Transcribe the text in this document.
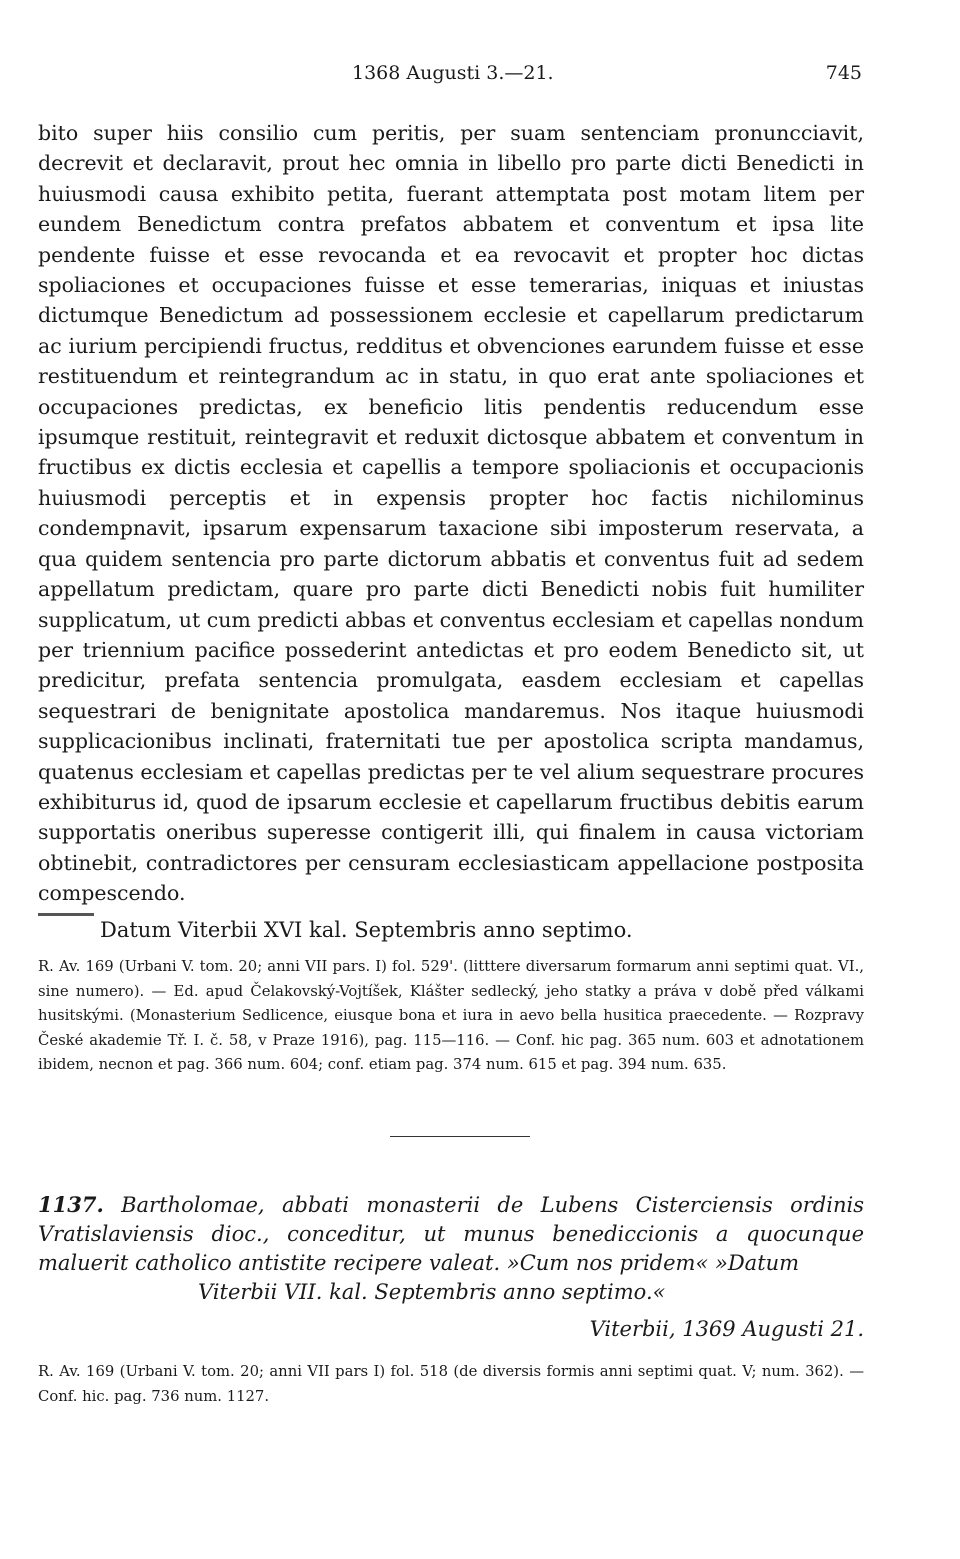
1368 Augusti 3.—21.	745

bito super hiis consilio cum peritis, per suam sentenciam pronuncciavit, decrevit et declaravit, prout hec omnia in libello pro parte dicti Benedicti in huiusmodi causa exhibito petita, fuerant attemptata post motam litem per eundem Benedictum contra prefatos abbatem et conventum et ipsa lite pendente fuisse et esse revocanda et ea revocavit et propter hoc dictas spoliaciones et occupaciones fuisse et esse temerarias, iniquas et iniustas dictumque Benedictum ad possessionem ecclesie et capellarum predictarum ac iurium percipiendi fructus, redditus et obvenciones earundem fuisse et esse restituendum et reintegrandum ac in statu, in quo erat ante spoliaciones et occupaciones predictas, ex beneficio litis pendentis reducendum esse ipsumque restituit, reintegravit et reduxit dictosque abbatem et conventum in fructibus ex dictis ecclesia et capellis a tempore spoliacionis et occupacionis huiusmodi perceptis et in expensis propter hoc factis nichilominus condempnavit, ipsarum expensarum taxacione sibi imposterum reservata, a qua quidem sentencia pro parte dictorum abbatis et conventus fuit ad sedem appellatum predictam, quare pro parte dicti Benedicti nobis fuit humiliter supplicatum, ut cum predicti abbas et conventus ecclesiam et capellas nondum per triennium pacifice possederint antedictas et pro eodem Benedicto sit, ut predicitur, prefata sentencia promulgata, easdem ecclesiam et capellas sequestrari de benignitate apostolica mandaremus. Nos itaque huiusmodi supplicacionibus inclinati, fraternitati tue per apostolica scripta mandamus, quatenus ecclesiam et capellas predictas per te vel alium sequestrare procures exhibiturus id, quod de ipsarum ecclesie et capellarum fructibus debitis earum supportatis oneribus superesse contigerit illi, qui finalem in causa victoriam obtinebit, contradictores per censuram ecclesiasticam appellacione postposita compescendo.

Datum Viterbii XVI kal. Septembris anno septimo.
R. Av. 169 (Urbani V. tom. 20; anni VII pars. I) fol. 529'. (litttere diversarum formarum anni septimi quat. VI., sine numero). — Ed. apud Čelakovský-Vojtíšek, Klášter sedlecký, jeho statky a práva v době před válkami husitskými. (Monasterium Sedlicence, eiusque bona et iura in aevo bella husitica praecedente. — Rozpravy České akademie Tř. I. č. 58, v Praze 1916), pag. 115—116. — Conf. hic pag. 365 num. 603 et adnotationem ibidem, necnon et pag. 366 num. 604; conf. etiam pag. 374 num. 615 et pag. 394 num. 635.
1137. Bartholomae, abbati monasterii de Lubens Cisterciensis ordinis Vratislaviensis dioc., conceditur, ut munus benediccionis a quocunque maluerit catholico antistite recipere valeat. »Cum nos pridem« »Datum
Viterbii VII. kal. Septembris anno septimo.«
Viterbii, 1369 Augusti 21.
R. Av. 169 (Urbani V. tom. 20; anni VII pars I) fol. 518 (de diversis formis anni septimi quat. V; num. 362). — Conf. hic. pag. 736 num. 1127.
